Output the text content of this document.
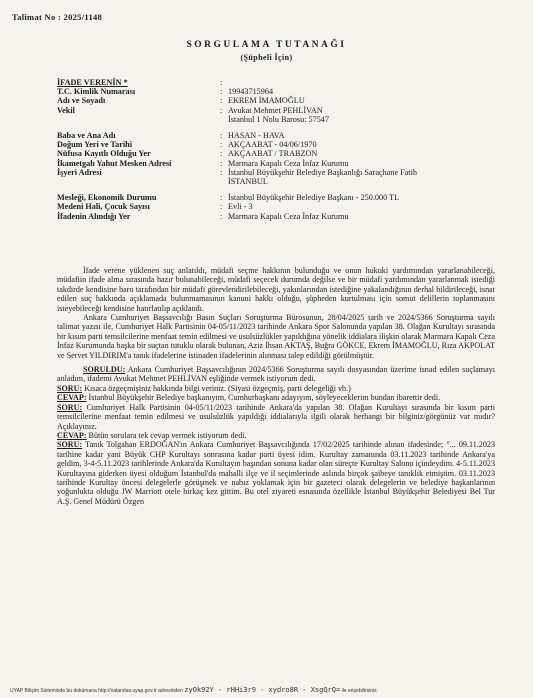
Talimat No : 2025/1148
SORGULAMA TUTANAĞI
(Şüpheli İçin)
İFADE VERENİN *	:
T.C. Kimlik Numarası	: 19943715964
Adı ve Soyadı	: EKREM İMAMOĞLU
Vekil	: Avukat Mehmet PEHLİVAN
İstanbul 1 Nolu Barosu: 57547
Baba ve Ana Adı	: HASAN - HAVA
Doğum Yeri ve Tarihi	: AKÇAABAT - 04/06/1970
Nüfusa Kayıtlı Olduğu Yer	: AKÇAABAT / TRABZON
İkametgah Yahut Mesken Adresi	: Marmara Kapalı Ceza İnfaz Kurumu
İşyeri Adresi	: İstanbul Büyükşehir Belediye Başkanlığı Saraçhane Fatih
İSTANBUL
Mesleği, Ekonomik Durumu	: İstanbul Büyükşehir Belediye Başkanı - 250.000 TL
Medeni Hali, Çocuk Sayısı	: Evli - 3
İfadenin Alındığı Yer	: Marmara Kapalı Ceza İnfaz Kurumu

İfade verene yüklenen suç anlatıldı, müdafi seçme hakkının bulunduğu ve onun hukuki yardımından yararlanabileceği, müdafiin ifade alma sırasında hazır bulunabileceği, müdafi seçecek durumda değilse ve bir müdafi yardımından yararlanmak istediği takdirde kendisine baro tarafından bir müdafi görevlendirilebileceği, yakınlarından istediğine yakalandığının derhal bildirileceği, isnat edilen suç hakkında açıklamada bulunmamasının kanuni hakkı olduğu, şüpheden kurtulması için somut delillerin toplanmasını isteyebileceği kendisine hatırlatılıp açıklandı.

Ankara Cumhuriyet Başsavcılığı Basın Suçları Soruşturma Bürosunun, 28/04/2025 tarih ve 2024/5366 Soruşturma sayılı talimat yazısı ile, Cumhuriyet Halk Partisinin 04-05/11/2023 tarihinde Ankara Spor Salonunda yapılan 38. Olağan Kurultayı sırasında bir kısım parti temsilcilerine menfaat temin edilmesi ve usulsüzlükler yapıldığına yönelik iddialara ilişkin olarak Marmara Kapalı Ceza İnfaz Kurumunda başka bir suçtan tutuklu olarak bulunan, Aziz İhsan AKTAŞ, Buğra GÖKCE, Ekrem İMAMOĞLU, Rıza AKPOLAT ve Servet YILDIRIM'a tanık ifadelerine istinaden ifadelerinin alınması talep edildiği görülmüştür.

SORULDU: Ankara Cumhuriyet Başsavcılığının 2024/5366 Soruşturma sayılı dosyasından üzerime isnad edilen suçlamayı anladım, ifademi Avukat Mehmet PEHLİVAN eşliğinde vermek istiyorum dedi.

SORU: Kısaca özgeçmişiniz hakkında bilgi veriniz. (Siyasi özgeçmiş, parti delegeliği vb.)

CEVAP: İstanbul Büyükşehir Belediye başkanıyım, Cumhurbaşkanı adayıyım, söyleyeceklerim bundan ibarettir dedi.

SORU: Cumhuriyet Halk Partisinin 04-05/11/2023 tarihinde Ankara'da yapılan 38. Olağan Kurultayı sırasında bir kısım parti temsilcilerine menfaat temin edilmesi ve usulsüzlük yapıldığı iddialarıyla ilgili olarak herhangi bir bilginiz/görgünüz var mıdır? Açıklayınız.

CEVAP: Bütün sorulara tek cevap vermek istiyorum dedi.

SORU: Tanık Tolgahan ERDOĞAN'ın Ankara Cumhuriyet Başsavcılığında 17/02/2025 tarihinde alınan ifadesinde; "... 09.11.2023 tarihine kadar yani Büyük CHP Kurultayı sonrasına kadar parti üyesi idim. Kurultay zamanında 03.11.2023 tarihinde Ankara'ya geldim, 3-4-5.11.2023 tarihlerinde Ankara'da Kurultayın başından sonuna kadar olan süreçte Kurultay Salonu içindeydim. 4-5.11.2023 Kurultayına giderken üyesi olduğum İstanbul'da mahalli ilçe ve il seçimlerinde aslında birçok şaibeye tanıklık etmiştim. 03.11.2023 tarihinde Kurultay öncesi delegelerle görüşmek ve nabız yoklamak için bir gazeteci olarak delegelerin ve belediye başkanlarının yoğunlukta olduğu JW Marriott otele birkaç kez gittim. Bu otel ziyareti esnasında özellikle İstanbul Büyükşehir Belediyesi Bel Tur A.Ş. Genel Müdürü Özgen

UYAP Bilişim Sisteminde bu dokümana http://vatandas.uyap.gov.tr adresinden zyOk92Y - rHHi3r9 - xydro8R - XsgQrQ= ile erişebilirsiniz.
